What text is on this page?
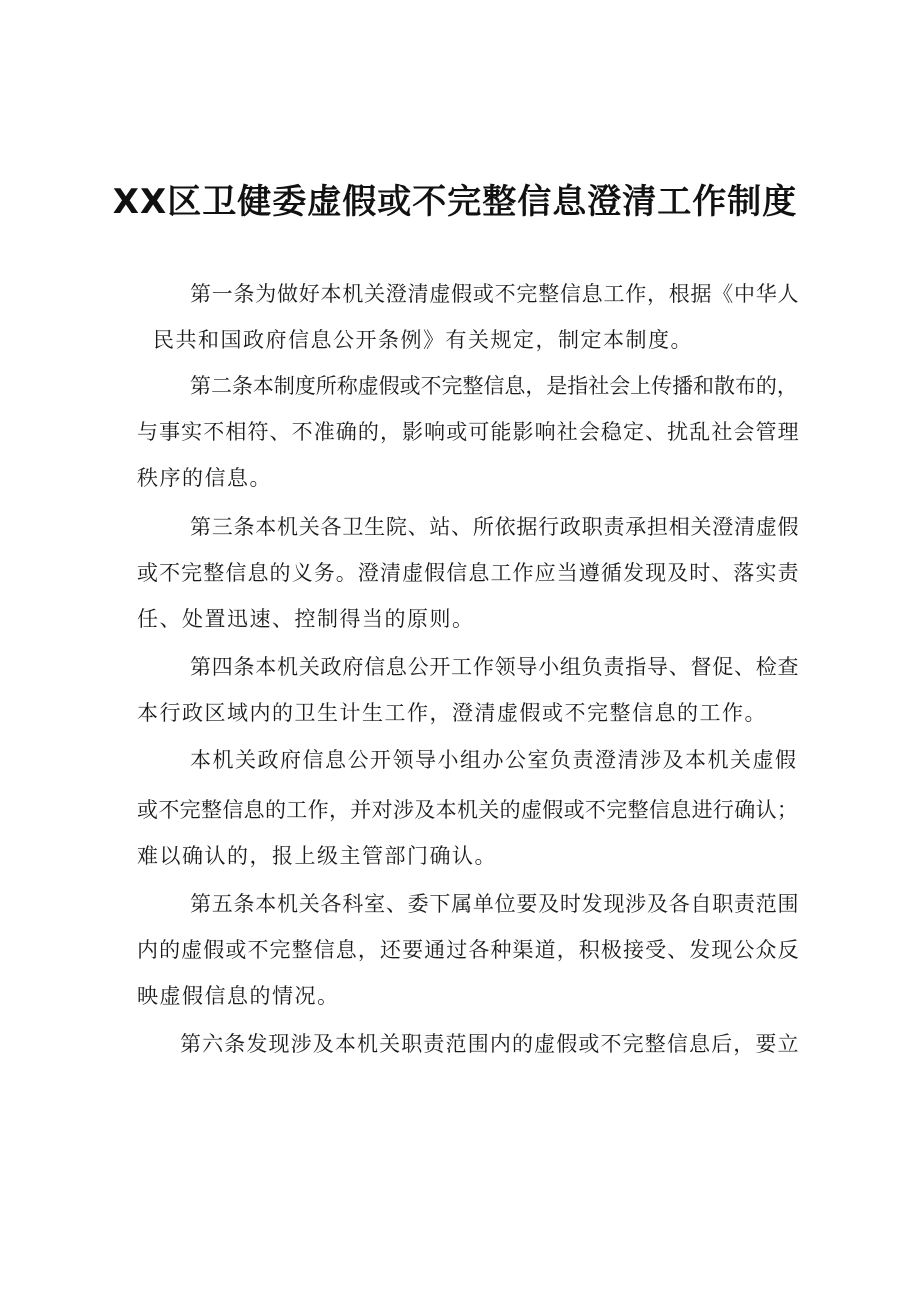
XX区卫健委虚假或不完整信息澄清工作制度
第一条为做好本机关澄清虚假或不完整信息工作，根据《中华人
民共和国政府信息公开条例》有关规定，制定本制度。
第二条本制度所称虚假或不完整信息，是指社会上传播和散布的，
与事实不相符、不准确的，影响或可能影响社会稳定、扰乱社会管理
秩序的信息。
第三条本机关各卫生院、站、所依据行政职责承担相关澄清虚假
或不完整信息的义务。澄清虚假信息工作应当遵循发现及时、落实责
任、处置迅速、控制得当的原则。
第四条本机关政府信息公开工作领导小组负责指导、督促、检查
本行政区域内的卫生计生工作，澄清虚假或不完整信息的工作。
本机关政府信息公开领导小组办公室负责澄清涉及本机关虚假
或不完整信息的工作，并对涉及本机关的虚假或不完整信息进行确认；
难以确认的，报上级主管部门确认。
第五条本机关各科室、委下属单位要及时发现涉及各自职责范围
内的虚假或不完整信息，还要通过各种渠道，积极接受、发现公众反
映虚假信息的情况。
第六条发现涉及本机关职责范围内的虚假或不完整信息后，要立
